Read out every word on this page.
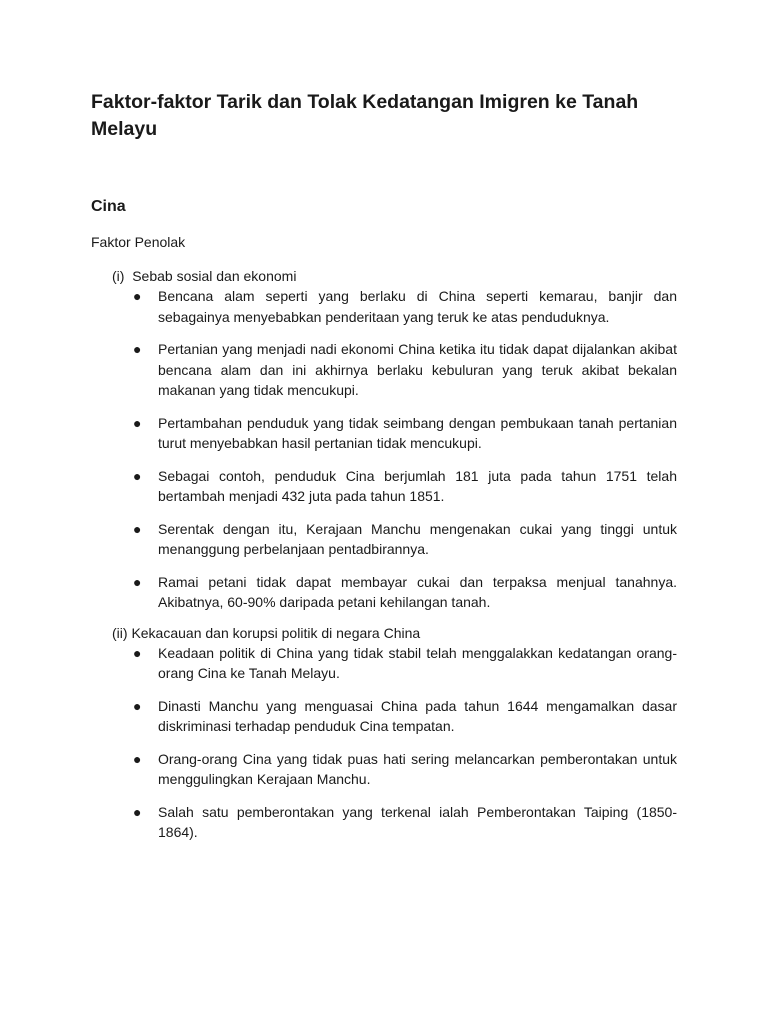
Faktor-faktor Tarik dan Tolak Kedatangan Imigren ke Tanah Melayu
Cina

Faktor Penolak

(i) Sebab sosial dan ekonomi

● Bencana alam seperti yang berlaku di China seperti kemarau, banjir dan sebagainya menyebabkan penderitaan yang teruk ke atas penduduknya.
● Pertanian yang menjadi nadi ekonomi China ketika itu tidak dapat dijalankan akibat bencana alam dan ini akhirnya berlaku kebuluran yang teruk akibat bekalan makanan yang tidak mencukupi.
● Pertambahan penduduk yang tidak seimbang dengan pembukaan tanah pertanian turut menyebabkan hasil pertanian tidak mencukupi.
● Sebagai contoh, penduduk Cina berjumlah 181 juta pada tahun 1751 telah bertambah menjadi 432 juta pada tahun 1851.
● Serentak dengan itu, Kerajaan Manchu mengenakan cukai yang tinggi untuk menanggung perbelanjaan pentadbirannya.
● Ramai petani tidak dapat membayar cukai dan terpaksa menjual tanahnya. Akibatnya, 60-90% daripada petani kehilangan tanah.

(ii) Kekacauan dan korupsi politik di negara China

● Keadaan politik di China yang tidak stabil telah menggalakkan kedatangan orang-orang Cina ke Tanah Melayu.
● Dinasti Manchu yang menguasai China pada tahun 1644 mengamalkan dasar diskriminasi terhadap penduduk Cina tempatan.
● Orang-orang Cina yang tidak puas hati sering melancarkan pemberontakan untuk menggulingkan Kerajaan Manchu.
● Salah satu pemberontakan yang terkenal ialah Pemberontakan Taiping (1850-1864).
